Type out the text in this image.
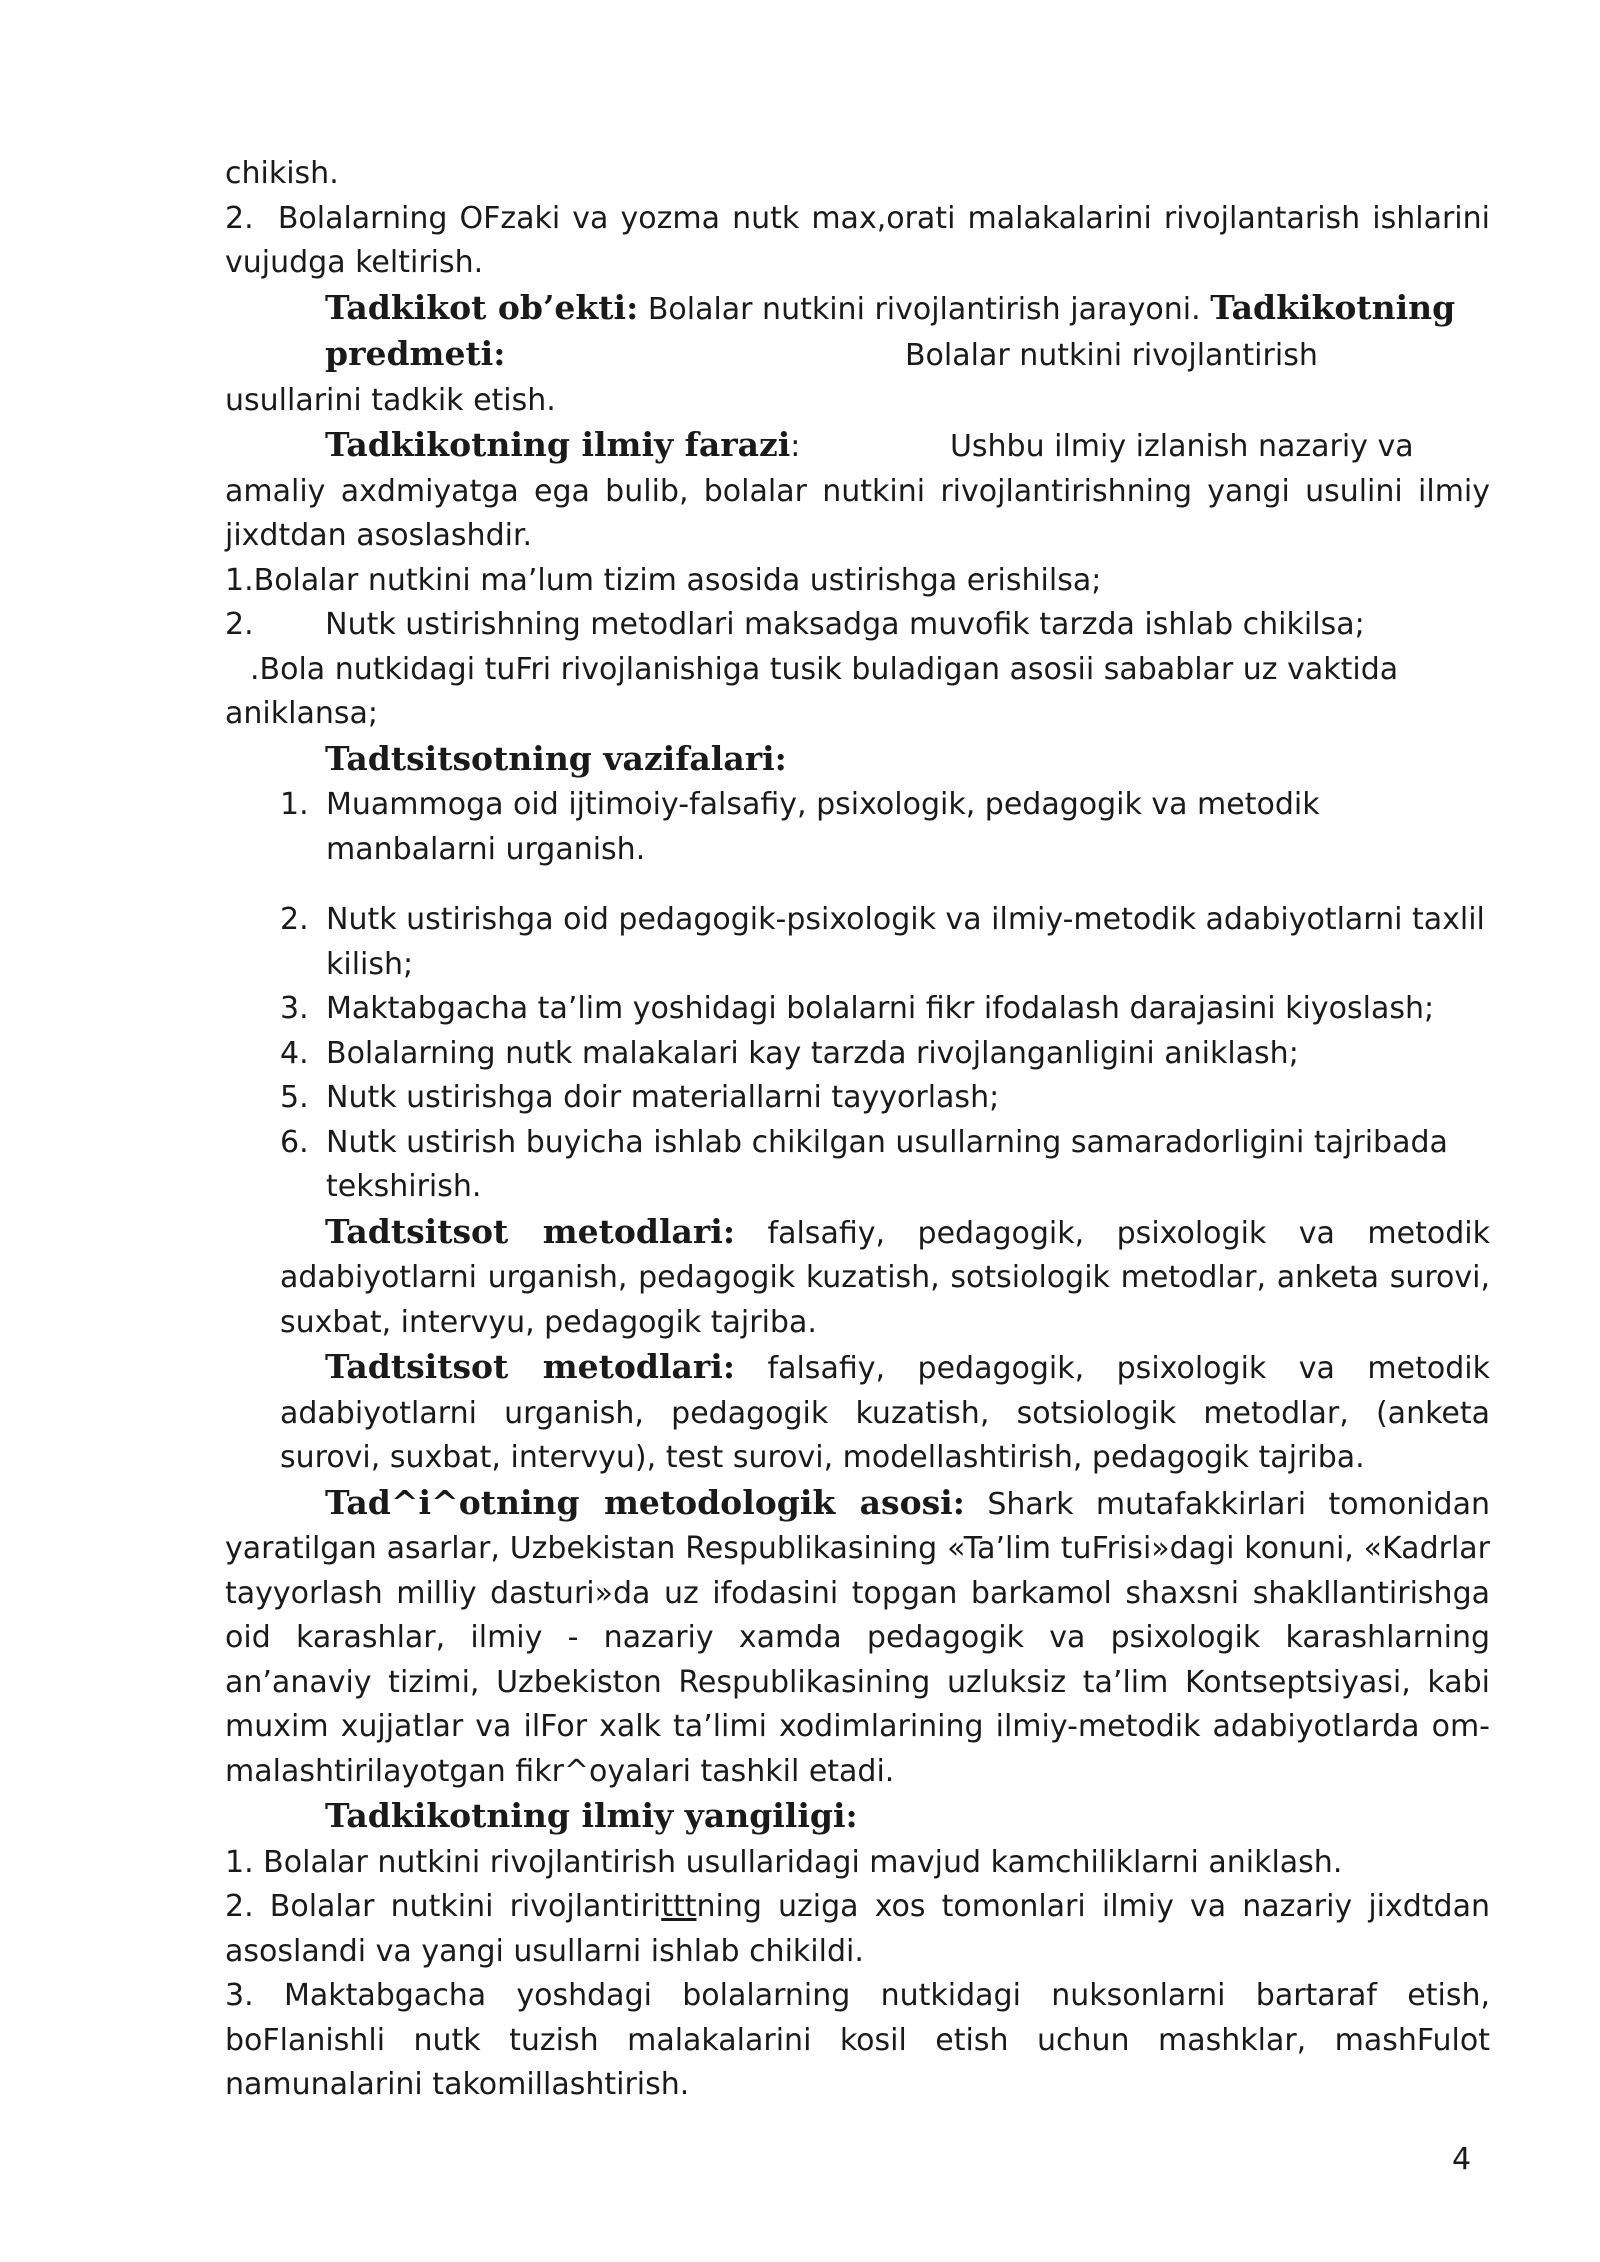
chikish.

2. Bolalarning OFzaki va yozma nutk max,orati malakalarini rivojlantarish ishlarini vujudga keltirish.

Tadkikot ob’ekti: Bolalar nutkini rivojlantirish jarayoni. Tadkikotning

predmeti:	Bolalar nutkini rivojlantirish

usullarini tadkik etish.

Tadkikotning ilmiy farazi:	Ushbu ilmiy izlanish nazariy va

amaliy axdmiyatga ega bulib, bolalar nutkini rivojlantirishning yangi usulini ilmiy jixdtdan asoslashdir.

1.Bolalar nutkini ma’lum tizim asosida ustirishga erishilsa;

2. Nutk ustirishning metodlari maksadga muvofik tarzda ishlab chikilsa;

.Bola nutkidagi tuFri rivojlanishiga tusik buladigan asosii sabablar uz vaktida

aniklansa;

Tadtsitsotning vazifalari:

1. Muammoga oid ijtimoiy-falsafiy, psixologik, pedagogik va metodik manbalarni urganish.
2. Nutk ustirishga oid pedagogik-psixologik va ilmiy-metodik adabiyotlarni taxlil kilish;
3. Maktabgacha ta’lim yoshidagi bolalarni fikr ifodalash darajasini kiyoslash;
4. Bolalarning nutk malakalari kay tarzda rivojlanganligini aniklash;
5. Nutk ustirishga doir materiallarni tayyorlash;
6. Nutk ustirish buyicha ishlab chikilgan usullarning samaradorligini tajribada tekshirish.

Tadtsitsot metodlari: falsafiy, pedagogik, psixologik va metodik adabiyotlarni urganish, pedagogik kuzatish, sotsiologik metodlar, anketa surovi, suxbat, intervyu, pedagogik tajriba.

Tadtsitsot metodlari: falsafiy, pedagogik, psixologik va metodik adabiyotlarni urganish, pedagogik kuzatish, sotsiologik metodlar, (anketa surovi, suxbat, intervyu), test surovi, modellashtirish, pedagogik tajriba.

Tad^i^otning metodologik asosi: Shark mutafakkirlari tomonidan yaratilgan asarlar, Uzbekistan Respublikasining «Ta’lim tuFrisi»dagi konuni, «Kadrlar tayyorlash milliy dasturi»da uz ifodasini topgan barkamol shaxsni shakllantirishga oid karashlar, ilmiy - nazariy xamda pedagogik va psixologik karashlarning an’anaviy tizimi, Uzbekiston Respublikasining uzluksiz ta’lim Kontseptsiyasi, kabi muxim xujjatlar va ilFor xalk ta’limi xodimlarining ilmiy-metodik adabiyotlarda om- malashtirilayotgan fikr^oyalari tashkil etadi.

Tadkikotning ilmiy yangiligi:

1. Bolalar nutkini rivojlantirish usullaridagi mavjud kamchiliklarni aniklash.

2. Bolalar nutkini rivojlantiritttning uziga xos tomonlari ilmiy va nazariy jixdtdan asoslandi va yangi usullarni ishlab chikildi.

3. Maktabgacha yoshdagi bolalarning nutkidagi nuksonlarni bartaraf etish, boFlanishli nutk tuzish malakalarini kosil etish uchun mashklar, mashFulot namunalarini takomillashtirish.

4
